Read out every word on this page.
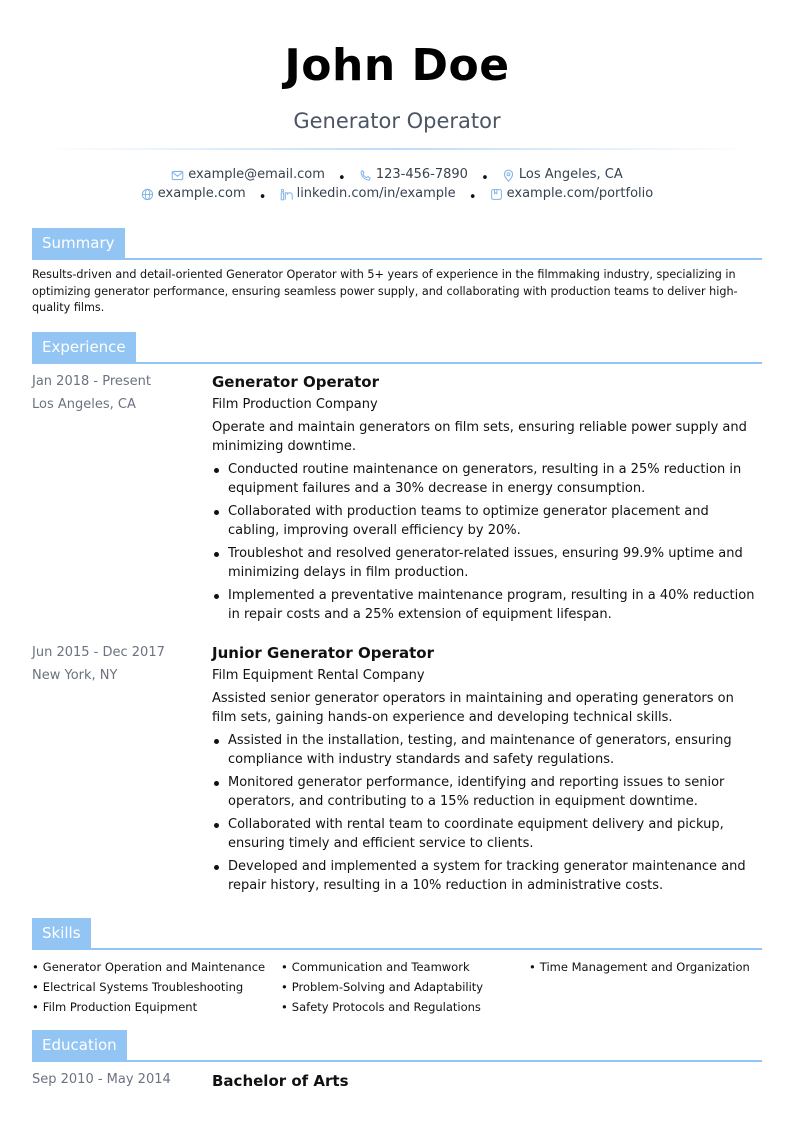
John Doe
Generator Operator
example@email.com • 123-456-7890 • Los Angeles, CA
example.com • linkedin.com/in/example • example.com/portfolio
Summary
Results-driven and detail-oriented Generator Operator with 5+ years of experience in the filmmaking industry, specializing in optimizing generator performance, ensuring seamless power supply, and collaborating with production teams to deliver high-quality films.
Experience
Jan 2018 - Present
Los Angeles, CA
Generator Operator
Film Production Company
Operate and maintain generators on film sets, ensuring reliable power supply and minimizing downtime.
Conducted routine maintenance on generators, resulting in a 25% reduction in equipment failures and a 30% decrease in energy consumption.
Collaborated with production teams to optimize generator placement and cabling, improving overall efficiency by 20%.
Troubleshot and resolved generator-related issues, ensuring 99.9% uptime and minimizing delays in film production.
Implemented a preventative maintenance program, resulting in a 40% reduction in repair costs and a 25% extension of equipment lifespan.
Jun 2015 - Dec 2017
New York, NY
Junior Generator Operator
Film Equipment Rental Company
Assisted senior generator operators in maintaining and operating generators on film sets, gaining hands-on experience and developing technical skills.
Assisted in the installation, testing, and maintenance of generators, ensuring compliance with industry standards and safety regulations.
Monitored generator performance, identifying and reporting issues to senior operators, and contributing to a 15% reduction in equipment downtime.
Collaborated with rental team to coordinate equipment delivery and pickup, ensuring timely and efficient service to clients.
Developed and implemented a system for tracking generator maintenance and repair history, resulting in a 10% reduction in administrative costs.
Skills
• Generator Operation and Maintenance
• Electrical Systems Troubleshooting
• Film Production Equipment
• Communication and Teamwork
• Problem-Solving and Adaptability
• Safety Protocols and Regulations
• Time Management and Organization
Education
Sep 2010 - May 2014	Bachelor of Arts
